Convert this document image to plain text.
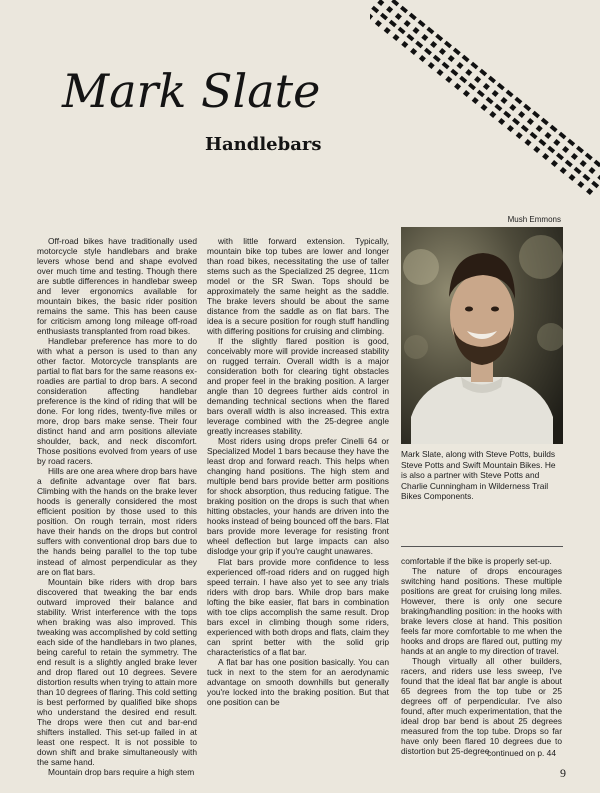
Mark Slate
Handlebars
Mush Emmons

Off-road bikes have traditionally used motorcycle style handlebars and brake levers whose bend and shape evolved over much time and testing. Though there are subtle differences in handlebar sweep and lever ergonomics available for mountain bikes, the basic rider position remains the same. This has been cause for criticism among long mileage off-road enthusiasts transplanted from road bikes.

Handlebar preference has more to do with what a person is used to than any other factor. Motorcycle transplants are partial to flat bars for the same reasons ex-roadies are partial to drop bars. A second consideration affecting handlebar preference is the kind of riding that will be done. For long rides, twenty-five miles or more, drop bars make sense. Their four distinct hand and arm positions alleviate shoulder, back, and neck discomfort. Those positions evolved from years of use by road racers.

Hills are one area where drop bars have a definite advantage over flat bars. Climbing with the hands on the brake lever hoods is generally considered the most efficient position by those used to this position. On rough terrain, most riders have their hands on the drops but control suffers with conventional drop bars due to the hands being parallel to the top tube instead of almost perpendicular as they are on flat bars.

Mountain bike riders with drop bars discovered that tweaking the bar ends outward improved their balance and stability. Wrist interference with the tops when braking was also improved. This tweaking was accomplished by cold setting each side of the handlebars in two planes, being careful to retain the symmetry. The end result is a slightly angled brake lever and drop flared out 10 degrees. Severe distortion results when trying to attain more than 10 degrees of flaring. This cold setting is best performed by qualified bike shops who understand the desired end result. The drops were then cut and bar-end shifters installed. This set-up failed in at least one respect. It is not possible to down shift and brake simultaneously with the same hand.

Mountain drop bars require a high stem

with little forward extension. Typically, mountain bike top tubes are lower and longer than road bikes, necessitating the use of taller stems such as the Specialized 25 degree, 11cm model or the SR Swan. Tops should be approximately the same height as the saddle. The brake levers should be about the same distance from the saddle as on flat bars. The idea is a secure position for rough stuff handling with differing positions for cruising and climbing.

If the slightly flared position is good, conceivably more will provide increased stability on rugged terrain. Overall width is a major consideration both for clearing tight obstacles and proper feel in the braking position. A larger angle than 10 degrees further aids control in demanding technical sections when the flared bars overall width is also increased. This extra leverage combined with the 25-degree angle greatly increases stability.

Most riders using drops prefer Cinelli 64 or Specialized Model 1 bars because they have the least drop and forward reach. This helps when changing hand positions. The high stem and multiple bend bars provide better arm positions for shock absorption, thus reducing fatigue. The braking position on the drops is such that when hitting obstacles, your hands are driven into the hooks instead of being bounced off the bars. Flat bars provide more leverage for resisting front wheel deflection but large impacts can also dislodge your grip if you're caught unawares.

Flat bars provide more confidence to less experienced off-road riders and on rugged high speed terrain. I have also yet to see any trials riders with drop bars. While drop bars make lofting the bike easier, flat bars in combination with toe clips accomplish the same result. Drop bars excel in climbing though some riders, experienced with both drops and flats, claim they can sprint better with the solid grip characteristics of a flat bar.

A flat bar has one position basically. You can tuck in next to the stem for an aerodynamic advantage on smooth downhills but generally you're locked into the braking position. But that one position can be

Mark Slate, along with Steve Potts, builds Steve Potts and Swift Mountain Bikes. He is also a partner with Steve Potts and Charlie Cunningham in Wilderness Trail Bikes Components.

comfortable if the bike is properly set-up.

The nature of drops encourages switching hand positions. These multiple positions are great for cruising long miles. However, there is only one secure braking/handling position: in the hooks with brake levers close at hand. This position feels far more comfortable to me when the hooks and drops are flared out, putting my hands at an angle to my direction of travel.

Though virtually all other builders, racers, and riders use less sweep, I've found that the ideal flat bar angle is about 65 degrees from the top tube or 25 degrees off of perpendicular. I've also found, after much experimentation, that the ideal drop bar bend is about 25 degrees measured from the top tube. Drops so far have only been flared 10 degrees due to distortion but 25-degree

continued on p. 44
9
